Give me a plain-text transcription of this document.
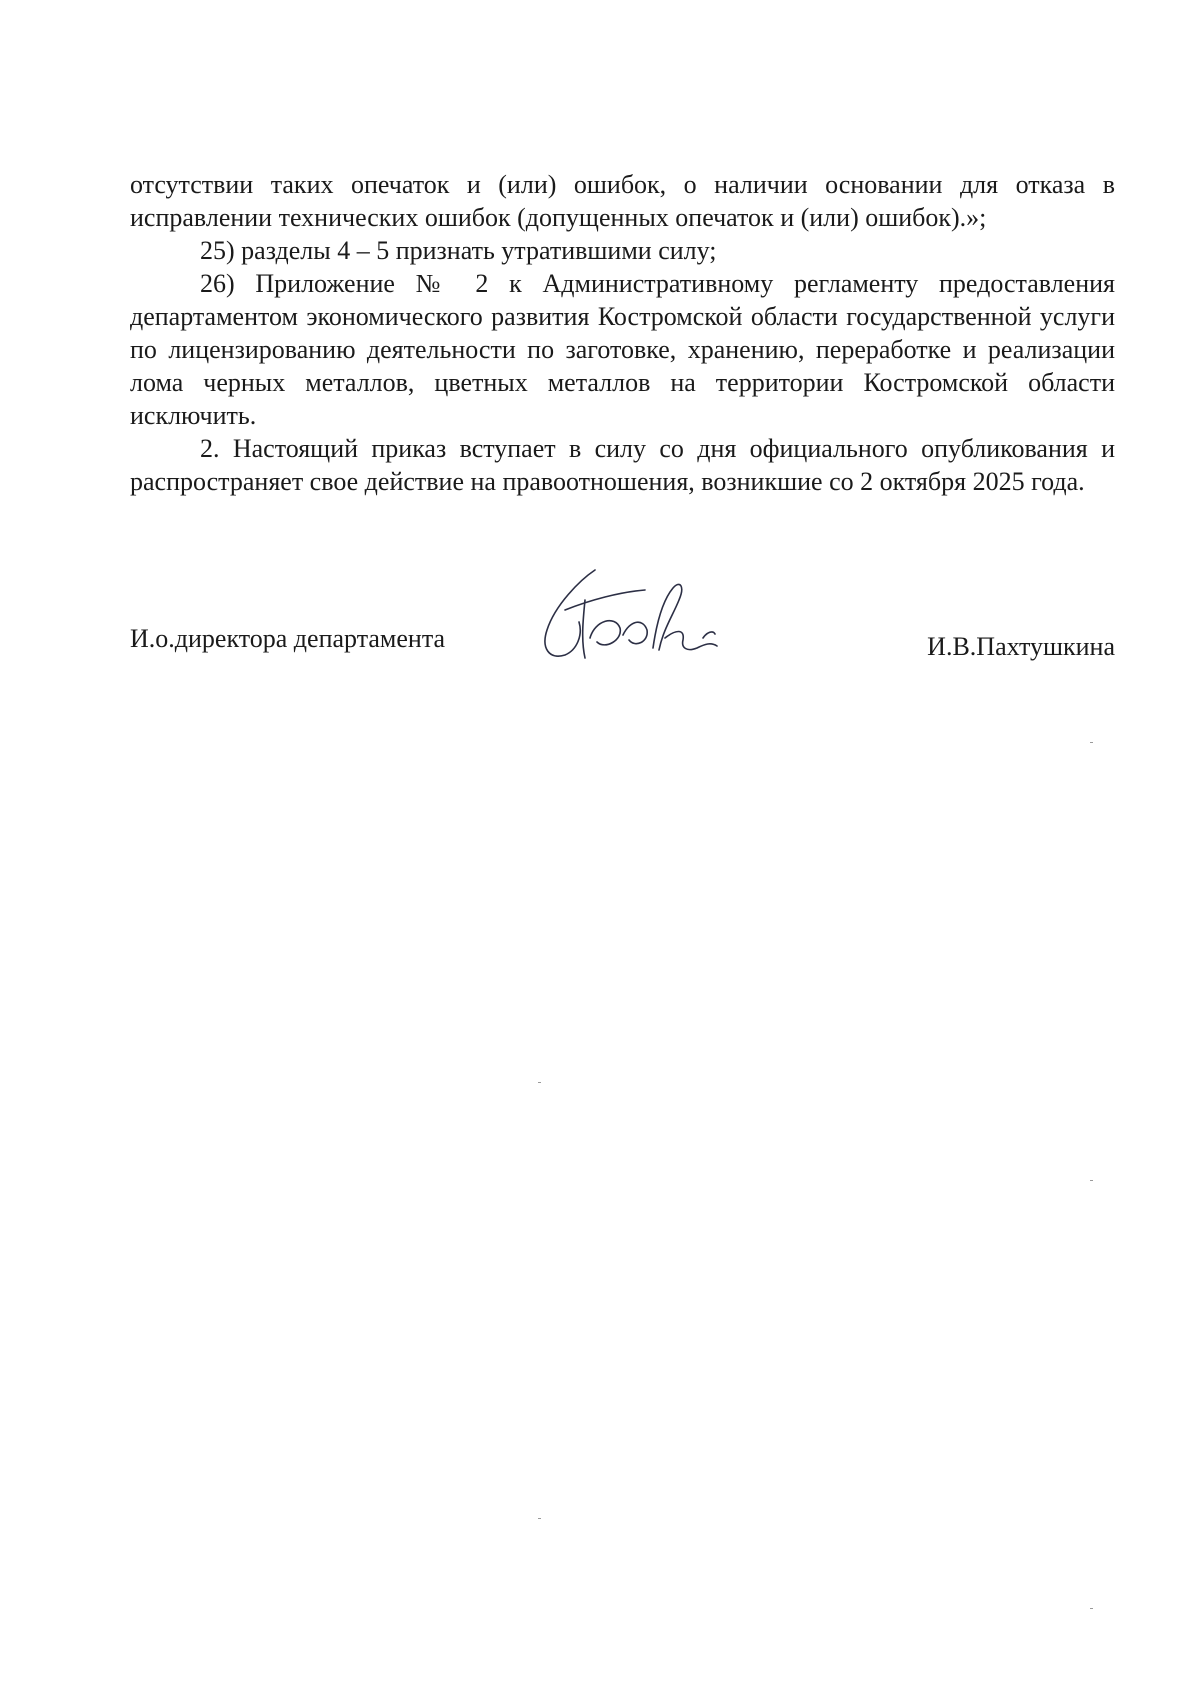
отсутствии таких опечаток и (или) ошибок, о наличии основании для отказа в исправлении технических ошибок (допущенных опечаток и (или) ошибок).»;

25) разделы 4 – 5 признать утратившими силу;

26) Приложение № 2 к Административному регламенту предоставления департаментом экономического развития Костромской области государственной услуги по лицензированию деятельности по заготовке, хранению, переработке и реализации лома черных металлов, цветных металлов на территории Костромской области исключить.

2. Настоящий приказ вступает в силу со дня официального опубликования и распространяет свое действие на правоотношения, возникшие со 2 октября 2025 года.

И.о.директора департамента	И.В.Пахтушкина
